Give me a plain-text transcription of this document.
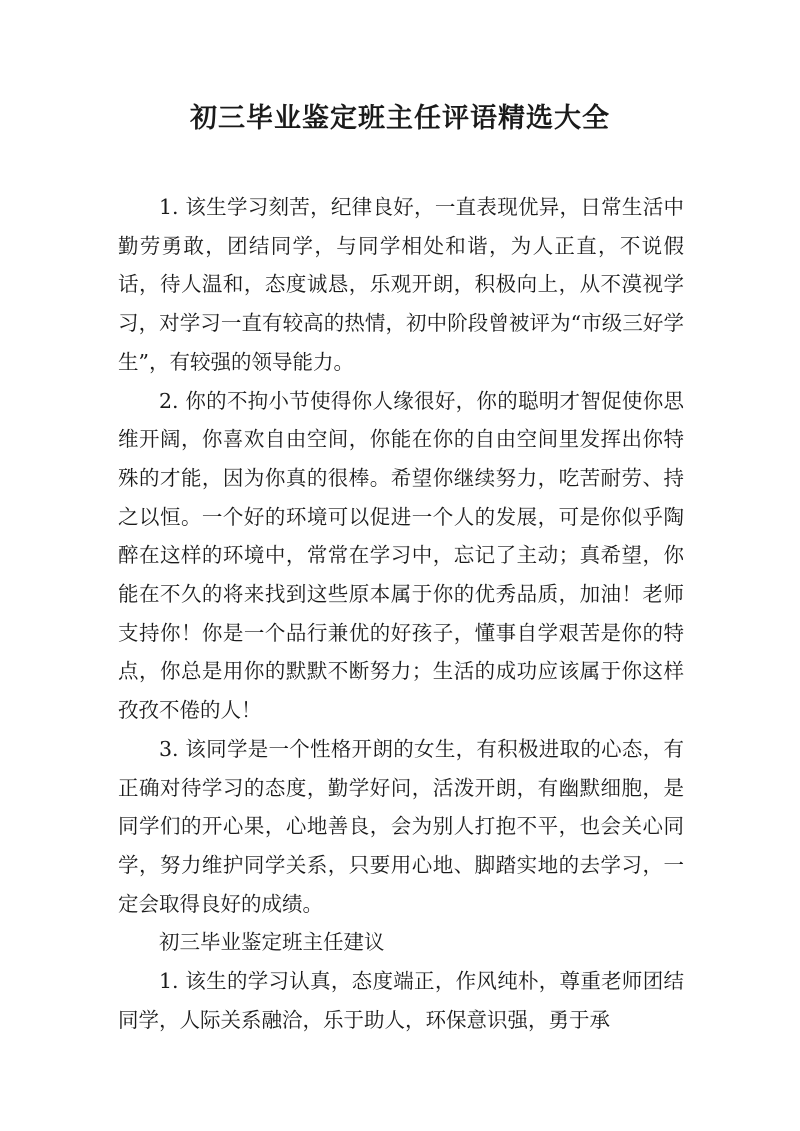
初三毕业鉴定班主任评语精选大全

1. 该生学习刻苦，纪律良好，一直表现优异，日常生活中勤劳勇敢，团结同学，与同学相处和谐，为人正直，不说假话，待人温和，态度诚恳，乐观开朗，积极向上，从不漠视学习，对学习一直有较高的热情，初中阶段曾被评为“市级三好学生”，有较强的领导能力。

2. 你的不拘小节使得你人缘很好，你的聪明才智促使你思维开阔，你喜欢自由空间，你能在你的自由空间里发挥出你特殊的才能，因为你真的很棒。希望你继续努力，吃苦耐劳、持之以恒。一个好的环境可以促进一个人的发展，可是你似乎陶醉在这样的环境中，常常在学习中，忘记了主动；真希望，你能在不久的将来找到这些原本属于你的优秀品质，加油！老师支持你！你是一个品行兼优的好孩子，懂事自学艰苦是你的特点，你总是用你的默默不断努力；生活的成功应该属于你这样孜孜不倦的人！

3. 该同学是一个性格开朗的女生，有积极进取的心态，有正确对待学习的态度，勤学好问，活泼开朗，有幽默细胞，是同学们的开心果，心地善良，会为别人打抱不平，也会关心同学，努力维护同学关系，只要用心地、脚踏实地的去学习，一定会取得良好的成绩。

初三毕业鉴定班主任建议

1. 该生的学习认真，态度端正，作风纯朴，尊重老师团结同学，人际关系融洽，乐于助人，环保意识强，勇于承
